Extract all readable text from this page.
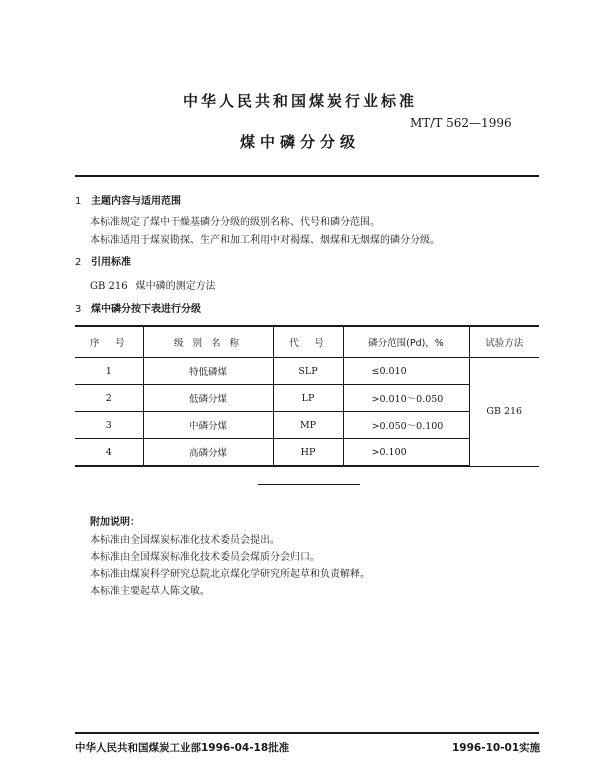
中华人民共和国煤炭行业标准
MT/T 562—1996
煤中磷分分级
1 主题内容与适用范围
本标准规定了煤中干燥基磷分分级的级别名称、代号和磷分范围。
本标准适用于煤炭勘探、生产和加工利用中对褐煤、烟煤和无烟煤的磷分分级。
2 引用标准
GB 216 煤中磷的测定方法
3 煤中磷分按下表进行分级
序　号	级 别 名 称	代　号	磷分范围(Pd)，%	试验方法
1	特低磷煤	SLP	≤0.010	GB 216
2	低磷分煤	LP	>0.010～0.050	
3	中磷分煤	MP	>0.050～0.100	
4	高磷分煤	HP	>0.100	
附加说明：
本标准由全国煤炭标准化技术委员会提出。
本标准由全国煤炭标准化技术委员会煤质分会归口。
本标准由煤炭科学研究总院北京煤化学研究所起草和负责解释。
本标准主要起草人陈文敏。
中华人民共和国煤炭工业部1996-04-18批准	1996-10-01实施
